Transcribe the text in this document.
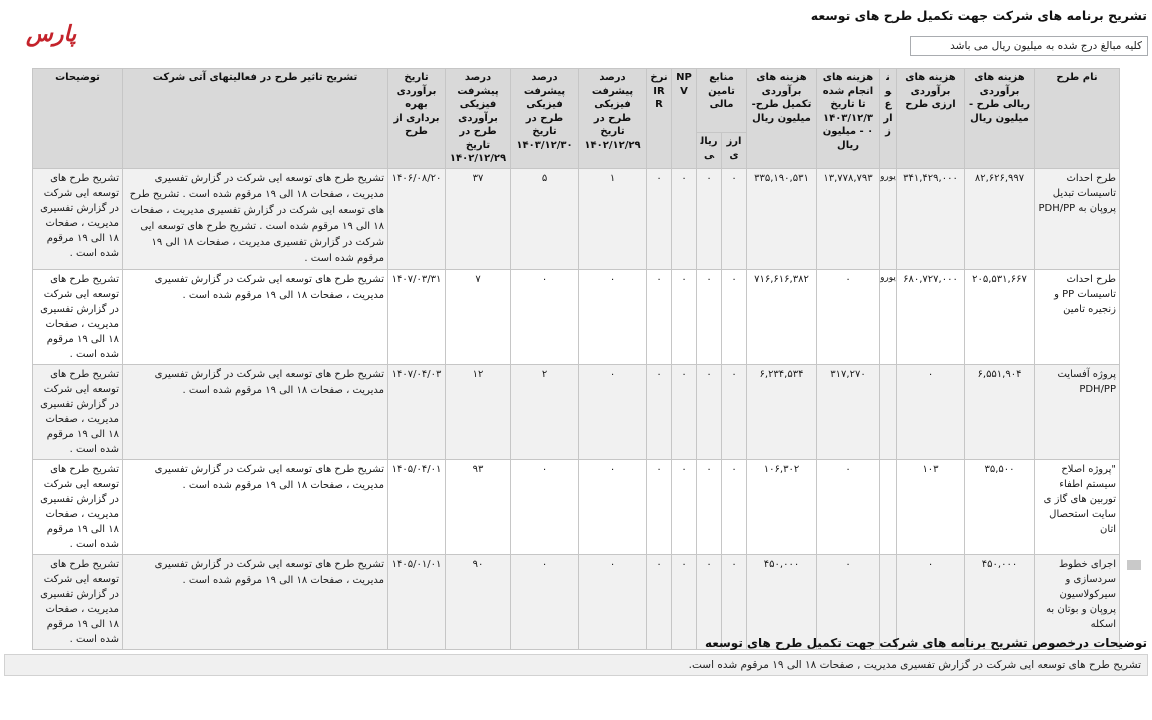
تشریح برنامه های شرکت جهت تکمیل طرح های توسعه
پارس
کلیه مبالغ درج شده به میلیون ریال می باشد
نام طرح	هزینه های برآوردی ریالی طرح - میلیون ریال	هزینه های برآوردی ارزی طرح	نوع ارز	هزینه های انجام شده تا تاریخ ۱۴۰۳/۱۲/۳۰ - میلیون ریال	هزینه های برآوردی تکمیل طرح- میلیون ریال	منابع تامین مالی		NPV	نرخ IRR	درصد پیشرفت فیزیکی طرح در تاریخ ۱۴۰۲/۱۲/۲۹	درصد پیشرفت فیزیکی طرح در تاریخ ۱۴۰۳/۱۲/۳۰	درصد پیشرفت فیزیکی برآوردی طرح در تاریخ ۱۴۰۲/۱۲/۲۹	تاریخ برآوردی بهره برداری از طرح	تشریح تاثیر طرح در فعالیتهای آتی شرکت	توضیحات
						ارزی	ریالی								
طرح احداث تاسیسات تبدیل پروپان به PDH/PP	۸۲,۶۲۶,۹۹۷	۳۴۱,۴۲۹,۰۰۰	یورو	۱۳,۷۷۸,۷۹۳	۳۳۵,۱۹۰,۵۳۱	۰	۰	۰	۰	۱	۵	۳۷	۱۴۰۶/۰۸/۲۰	تشریح طرح های توسعه ایی شرکت در گزارش تفسیری مدیریت ، صفحات ۱۸ الی ۱۹ مرقوم شده است . تشریح طرح های توسعه ایی شرکت در گزارش تفسیری مدیریت ، صفحات ۱۸ الی ۱۹ مرقوم شده است . تشریح طرح های توسعه ایی شرکت در گزارش تفسیری مدیریت ، صفحات ۱۸ الی ۱۹ مرقوم شده است .	تشریح طرح های توسعه ایی شرکت در گزارش تفسیری مدیریت ، صفحات ۱۸ الی ۱۹ مرقوم شده است .
طرح احداث تاسیسات PP و زنجیره تامین	۲۰۵,۵۳۱,۶۶۷	۶۸۰,۷۲۷,۰۰۰	یورو	۰	۷۱۶,۶۱۶,۳۸۲	۰	۰	۰	۰	۰	۰	۷	۱۴۰۷/۰۳/۳۱	تشریح طرح های توسعه ایی شرکت در گزارش تفسیری مدیریت ، صفحات ۱۸ الی ۱۹ مرقوم شده است .	تشریح طرح های توسعه ایی شرکت در گزارش تفسیری مدیریت ، صفحات ۱۸ الی ۱۹ مرقوم شده است .
پروژه آفسایت PDH/PP	۶,۵۵۱,۹۰۴	۰		۳۱۷,۲۷۰	۶,۲۳۴,۵۳۴	۰	۰	۰	۰	۰	۲	۱۲	۱۴۰۷/۰۴/۰۳	تشریح طرح های توسعه ایی شرکت در گزارش تفسیری مدیریت ، صفحات ۱۸ الی ۱۹ مرقوم شده است .	تشریح طرح های توسعه ایی شرکت در گزارش تفسیری مدیریت ، صفحات ۱۸ الی ۱۹ مرقوم شده است .
"پروژه اصلاح سیستم اطفاء توربین های گاز ی سایت استحصال اتان	۳۵,۵۰۰	۱۰۳		۰	۱۰۶,۳۰۲	۰	۰	۰	۰	۰	۰	۹۳	۱۴۰۵/۰۴/۰۱	تشریح طرح های توسعه ایی شرکت در گزارش تفسیری مدیریت ، صفحات ۱۸ الی ۱۹ مرقوم شده است .	تشریح طرح های توسعه ایی شرکت در گزارش تفسیری مدیریت ، صفحات ۱۸ الی ۱۹ مرقوم شده است .
اجرای خطوط سردسازی و سیرکولاسیون پروپان و بوتان به اسکله	۴۵۰,۰۰۰	۰		۰	۴۵۰,۰۰۰	۰	۰	۰	۰	۰	۰	۹۰	۱۴۰۵/۰۱/۰۱	تشریح طرح های توسعه ایی شرکت در گزارش تفسیری مدیریت ، صفحات ۱۸ الی ۱۹ مرقوم شده است .	تشریح طرح های توسعه ایی شرکت در گزارش تفسیری مدیریت ، صفحات ۱۸ الی ۱۹ مرقوم شده است .	توضیحات درخصوص تشریح برنامه های شرکت جهت تکمیل طرح های توسعه
تشریح طرح های توسعه ایی شرکت در گزارش تفسیری مدیریت , صفحات ۱۸ الی ۱۹ مرقوم شده است.
